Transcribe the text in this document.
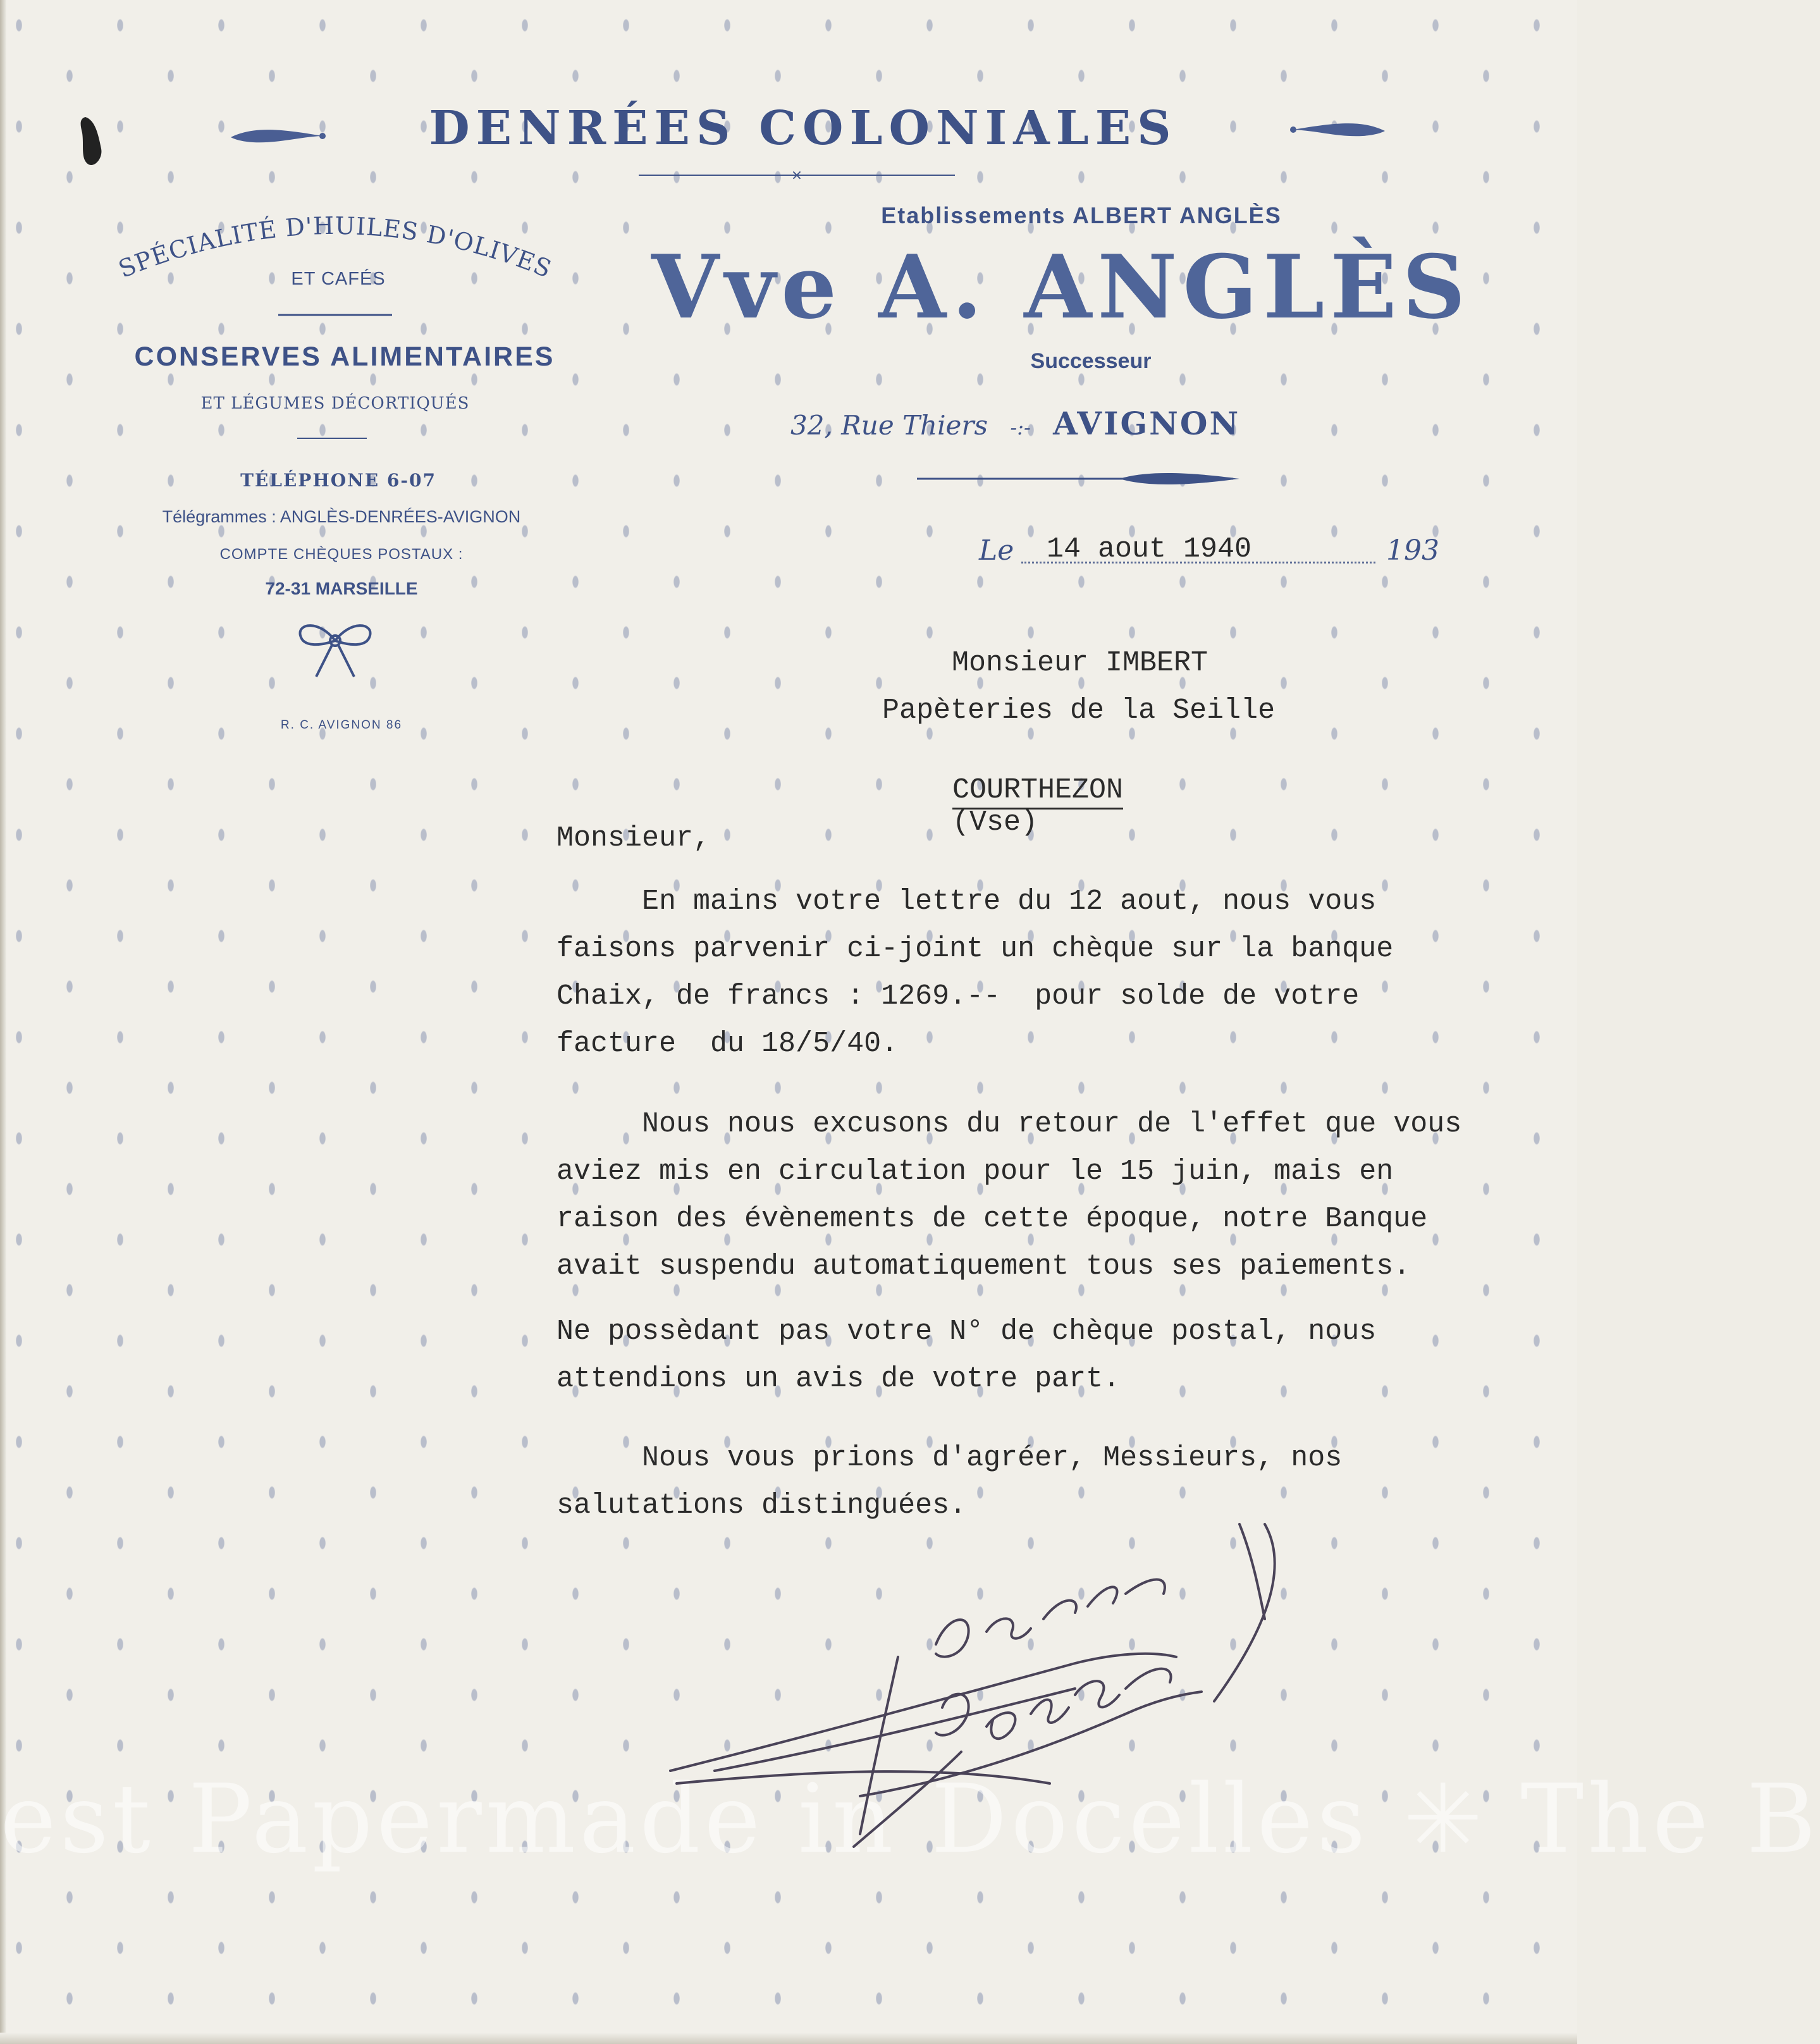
DENRÉES COLONIALES
×
Etablissements ALBERT ANGLÈS
Vve A. ANGLÈS
Successeur
32, Rue Thiers -:- AVIGNON
SPÉCIALITÉ D'HUILES D'OLIVES
ET CAFÉS
CONSERVES ALIMENTAIRES
ET LÉGUMES DÉCORTIQUÉS
TÉLÉPHONE 6-07
Télégrammes : ANGLÈS-DENRÉES-AVIGNON
COMPTE CHÈQUES POSTAUX :
72-31 MARSEILLE
R. C. AVIGNON 86
Le 14 aout 1940	193
Monsieur IMBERT
Papèteries de la Seille

COURTHEZON
(Vse)

Monsieur,
En mains votre lettre du 12 aout, nous vous
faisons parvenir ci-joint un chèque sur la banque
Chaix, de francs : 1269.--  pour solde de votre
facture  du 18/5/40.
Nous nous excusons du retour de l'effet que vous
aviez mis en circulation pour le 15 juin, mais en
raison des évènements de cette époque, notre Banque
avait suspendu automatiquement tous ses paiements.
Ne possèdant pas votre N° de chèque postal, nous
attendions un avis de votre part.
Nous vous prions d'agréer, Messieurs, nos
salutations distinguées.
est Papermade in Docelles ✳ The B
